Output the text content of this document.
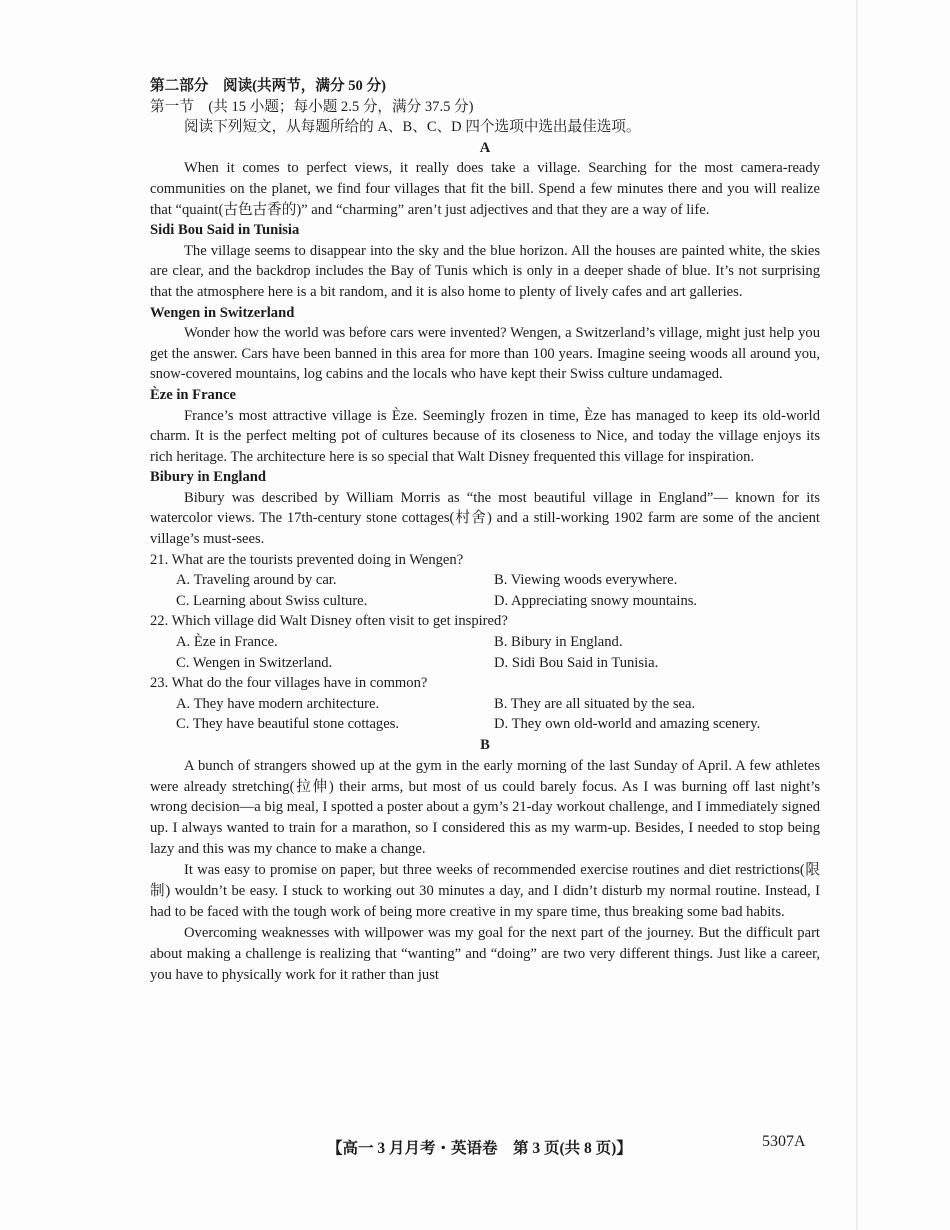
第二部分　阅读(共两节，满分 50 分)
第一节　(共 15 小题；每小题 2.5 分，满分 37.5 分)
阅读下列短文，从每题所给的 A、B、C、D 四个选项中选出最佳选项。
A
When it comes to perfect views, it really does take a village. Searching for the most camera-ready communities on the planet, we find four villages that fit the bill. Spend a few minutes there and you will realize that “quaint(古色古香的)” and “charming” aren’t just adjectives and that they are a way of life.
Sidi Bou Said in Tunisia
The village seems to disappear into the sky and the blue horizon. All the houses are painted white, the skies are clear, and the backdrop includes the Bay of Tunis which is only in a deeper shade of blue. It’s not surprising that the atmosphere here is a bit random, and it is also home to plenty of lively cafes and art galleries.
Wengen in Switzerland
Wonder how the world was before cars were invented? Wengen, a Switzerland’s village, might just help you get the answer. Cars have been banned in this area for more than 100 years. Imagine seeing woods all around you, snow-covered mountains, log cabins and the locals who have kept their Swiss culture undamaged.
Èze in France
France’s most attractive village is Èze. Seemingly frozen in time, Èze has managed to keep its old-world charm. It is the perfect melting pot of cultures because of its closeness to Nice, and today the village enjoys its rich heritage. The architecture here is so special that Walt Disney frequented this village for inspiration.
Bibury in England
Bibury was described by William Morris as “the most beautiful village in England”— known for its watercolor views. The 17th-century stone cottages(村舍) and a still-working 1902 farm are some of the ancient village’s must-sees.
21. What are the tourists prevented doing in Wengen?
A. Traveling around by car.	B. Viewing woods everywhere.
C. Learning about Swiss culture.	D. Appreciating snowy mountains.
22. Which village did Walt Disney often visit to get inspired?
A. Èze in France.	B. Bibury in England.
C. Wengen in Switzerland.	D. Sidi Bou Said in Tunisia.
23. What do the four villages have in common?
A. They have modern architecture.	B. They are all situated by the sea.
C. They have beautiful stone cottages.	D. They own old-world and amazing scenery.
B
A bunch of strangers showed up at the gym in the early morning of the last Sunday of April. A few athletes were already stretching(拉伸) their arms, but most of us could barely focus. As I was burning off last night’s wrong decision—a big meal, I spotted a poster about a gym’s 21-day workout challenge, and I immediately signed up. I always wanted to train for a marathon, so I considered this as my warm-up. Besides, I needed to stop being lazy and this was my chance to make a change.
It was easy to promise on paper, but three weeks of recommended exercise routines and diet restrictions(限制) wouldn’t be easy. I stuck to working out 30 minutes a day, and I didn’t disturb my normal routine. Instead, I had to be faced with the tough work of being more creative in my spare time, thus breaking some bad habits.
Overcoming weaknesses with willpower was my goal for the next part of the journey. But the difficult part about making a challenge is realizing that “wanting” and “doing” are two very different things. Just like a career, you have to physically work for it rather than just
【高一 3 月月考・英语卷　第 3 页(共 8 页)】	5307A
